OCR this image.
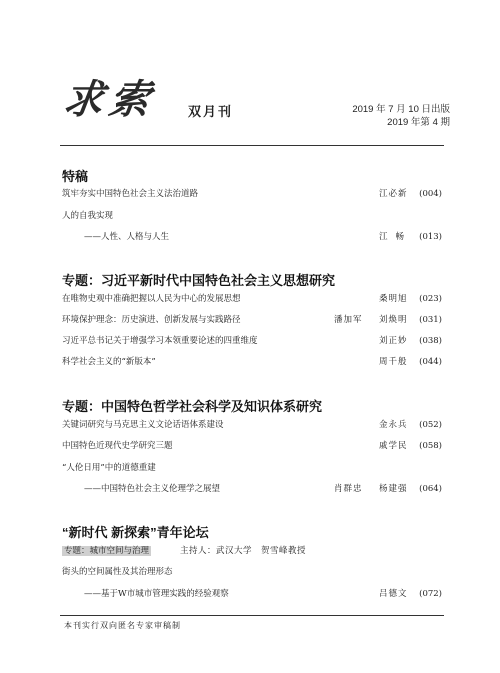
求索 双月刊	2019 年 7 月 10 日出版
2019 年第 4 期
特稿
筑牢夯实中国特色社会主义法治道路	江必新 (004)
人的自我实现
——人性、人格与人生	江畅 (013)
专题：习近平新时代中国特色社会主义思想研究
在唯物史观中准确把握以人民为中心的发展思想	桑明旭 (023)
环境保护理念：历史演进、创新发展与实践路径	潘加军 刘焕明 (031)
习近平总书记关于增强学习本领重要论述的四重维度	刘正妙 (038)
科学社会主义的“新版本”	周千般 (044)
专题：中国特色哲学社会科学及知识体系研究
关键词研究与马克思主义文论话语体系建设	金永兵 (052)
中国特色近现代史学研究三题	戚学民 (058)
“人伦日用”中的道德重建
——中国特色社会主义伦理学之展望	肖群忠 杨建强 (064)
“新时代 新探索”青年论坛
专题：城市空间与治理	主持人：武汉大学　贺雪峰教授
街头的空间属性及其治理形态
——基于W市城市管理实践的经验观察	吕德文 (072)
本刊实行双向匿名专家审稿制
